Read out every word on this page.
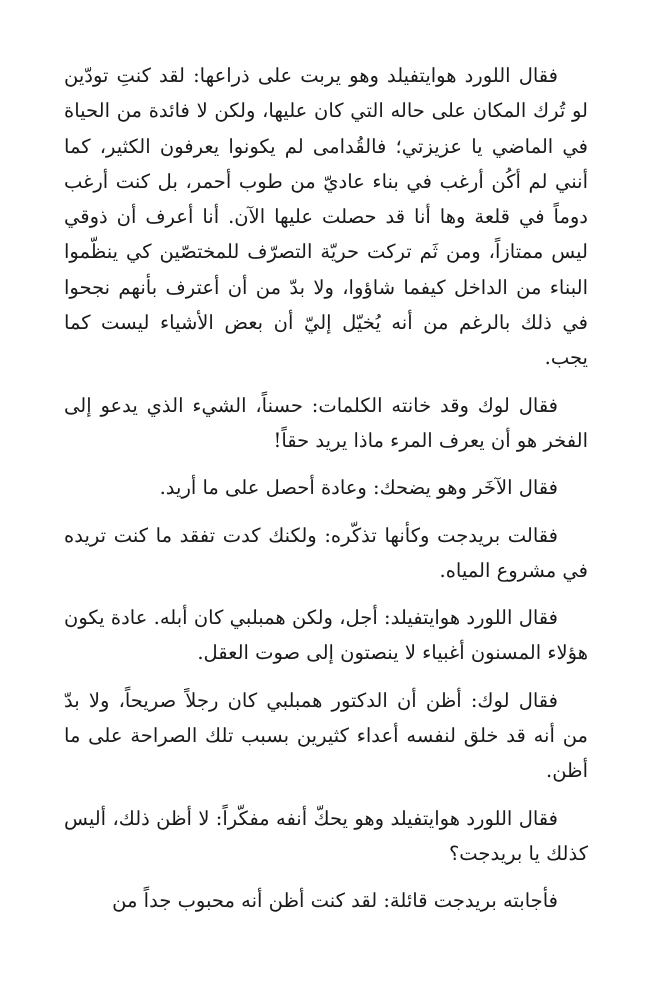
فقال اللورد هوايتفيلد وهو يربت على ذراعها: لقد كنتِ تودّين لو تُرك المكان على حاله التي كان عليها، ولكن لا فائدة من الحياة في الماضي يا عزيزتي؛ فالقُدامى لم يكونوا يعرفون الكثير، كما أنني لم أكُن أرغب في بناء عاديّ من طوب أحمر، بل كنت أرغب دوماً في قلعة وها أنا قد حصلت عليها الآن. أنا أعرف أن ذوقي ليس ممتازاً، ومن ثَم تركت حريّة التصرّف للمختصّين كي ينظّموا البناء من الداخل كيفما شاؤوا، ولا بدّ من أن أعترف بأنهم نجحوا في ذلك بالرغم من أنه يُخيّل إليّ أن بعض الأشياء ليست كما يجب.

فقال لوك وقد خانته الكلمات: حسناً، الشيء الذي يدعو إلى الفخر هو أن يعرف المرء ماذا يريد حقاً!

فقال الآخَر وهو يضحك: وعادة أحصل على ما أريد.

فقالت بريدجت وكأنها تذكّره: ولكنك كدت تفقد ما كنت تريده في مشروع المياه.

فقال اللورد هوايتفيلد: أجل، ولكن همبلبي كان أبله. عادة يكون هؤلاء المسنون أغبياء لا ينصتون إلى صوت العقل.

فقال لوك: أظن أن الدكتور همبلبي كان رجلاً صريحاً، ولا بدّ من أنه قد خلق لنفسه أعداء كثيرين بسبب تلك الصراحة على ما أظن.

فقال اللورد هوايتفيلد وهو يحكّ أنفه مفكّراً: لا أظن ذلك، أليس كذلك يا بريدجت؟

فأجابته بريدجت قائلة: لقد كنت أظن أنه محبوب جداً من
